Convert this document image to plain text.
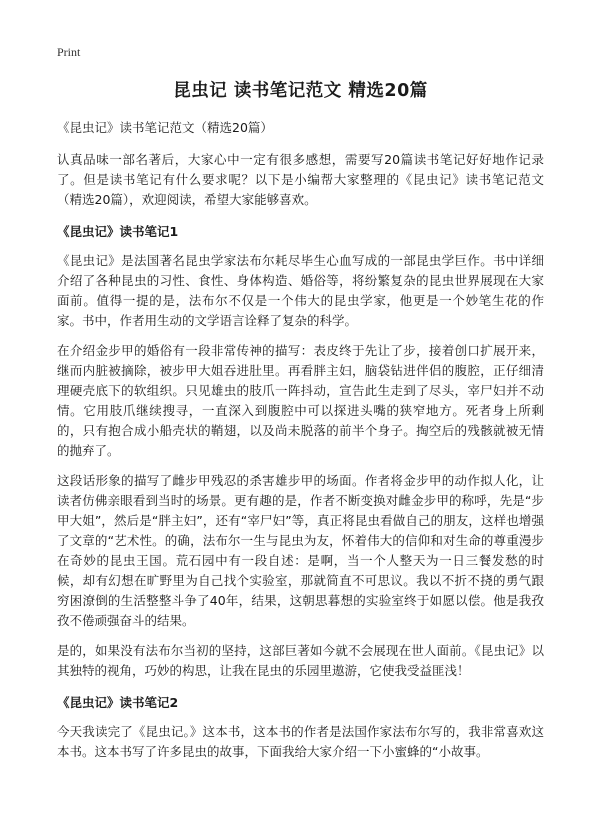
Print

昆虫记 读书笔记范文 精选20篇

《昆虫记》读书笔记范文（精选20篇）

认真品味一部名著后，大家心中一定有很多感想，需要写20篇读书笔记好好地作记录了。但是读书笔记有什么要求呢？以下是小编帮大家整理的《昆虫记》读书笔记范文（精选20篇），欢迎阅读，希望大家能够喜欢。

《昆虫记》读书笔记1

《昆虫记》是法国著名昆虫学家法布尔耗尽毕生心血写成的一部昆虫学巨作。书中详细介绍了各种昆虫的习性、食性、身体构造、婚俗等，将纷繁复杂的昆虫世界展现在大家面前。值得一提的是，法布尔不仅是一个伟大的昆虫学家，他更是一个妙笔生花的作家。书中，作者用生动的文学语言诠释了复杂的科学。

在介绍金步甲的婚俗有一段非常传神的描写：表皮终于先让了步，接着创口扩展开来，继而内脏被摘除，被步甲大姐吞进肚里。再看胖主妇，脑袋钻进伴侣的腹腔，正仔细清理硬壳底下的软组织。只见雄虫的肢爪一阵抖动，宣告此生走到了尽头，宰尸妇并不动情。它用肢爪继续搜寻，一直深入到腹腔中可以探进头嘴的狭窄地方。死者身上所剩的，只有抱合成小船壳状的鞘翅，以及尚未脱落的前半个身子。掏空后的残骸就被无情的抛弃了。

这段话形象的描写了雌步甲残忍的杀害雄步甲的场面。作者将金步甲的动作拟人化，让读者仿佛亲眼看到当时的场景。更有趣的是，作者不断变换对雌金步甲的称呼，先是“步甲大姐”，然后是“胖主妇”，还有“宰尸妇”等，真正将昆虫看做自己的朋友，这样也增强了文章的“艺术性。的确，法布尔一生与昆虫为友，怀着伟大的信仰和对生命的尊重漫步在奇妙的昆虫王国。荒石园中有一段自述：是啊，当一个人整天为一日三餐发愁的时候，却有幻想在旷野里为自己找个实验室，那就简直不可思议。我以不折不挠的勇气跟穷困潦倒的生活整整斗争了40年，结果，这朝思暮想的实验室终于如愿以偿。他是我孜孜不倦顽强奋斗的结果。

是的，如果没有法布尔当初的坚持，这部巨著如今就不会展现在世人面前。《昆虫记》以其独特的视角，巧妙的构思，让我在昆虫的乐园里遨游，它使我受益匪浅！

《昆虫记》读书笔记2

今天我读完了《昆虫记。》这本书，这本书的作者是法国作家法布尔写的，我非常喜欢这本书。这本书写了许多昆虫的故事，下面我给大家介绍一下小蜜蜂的“小故事。
